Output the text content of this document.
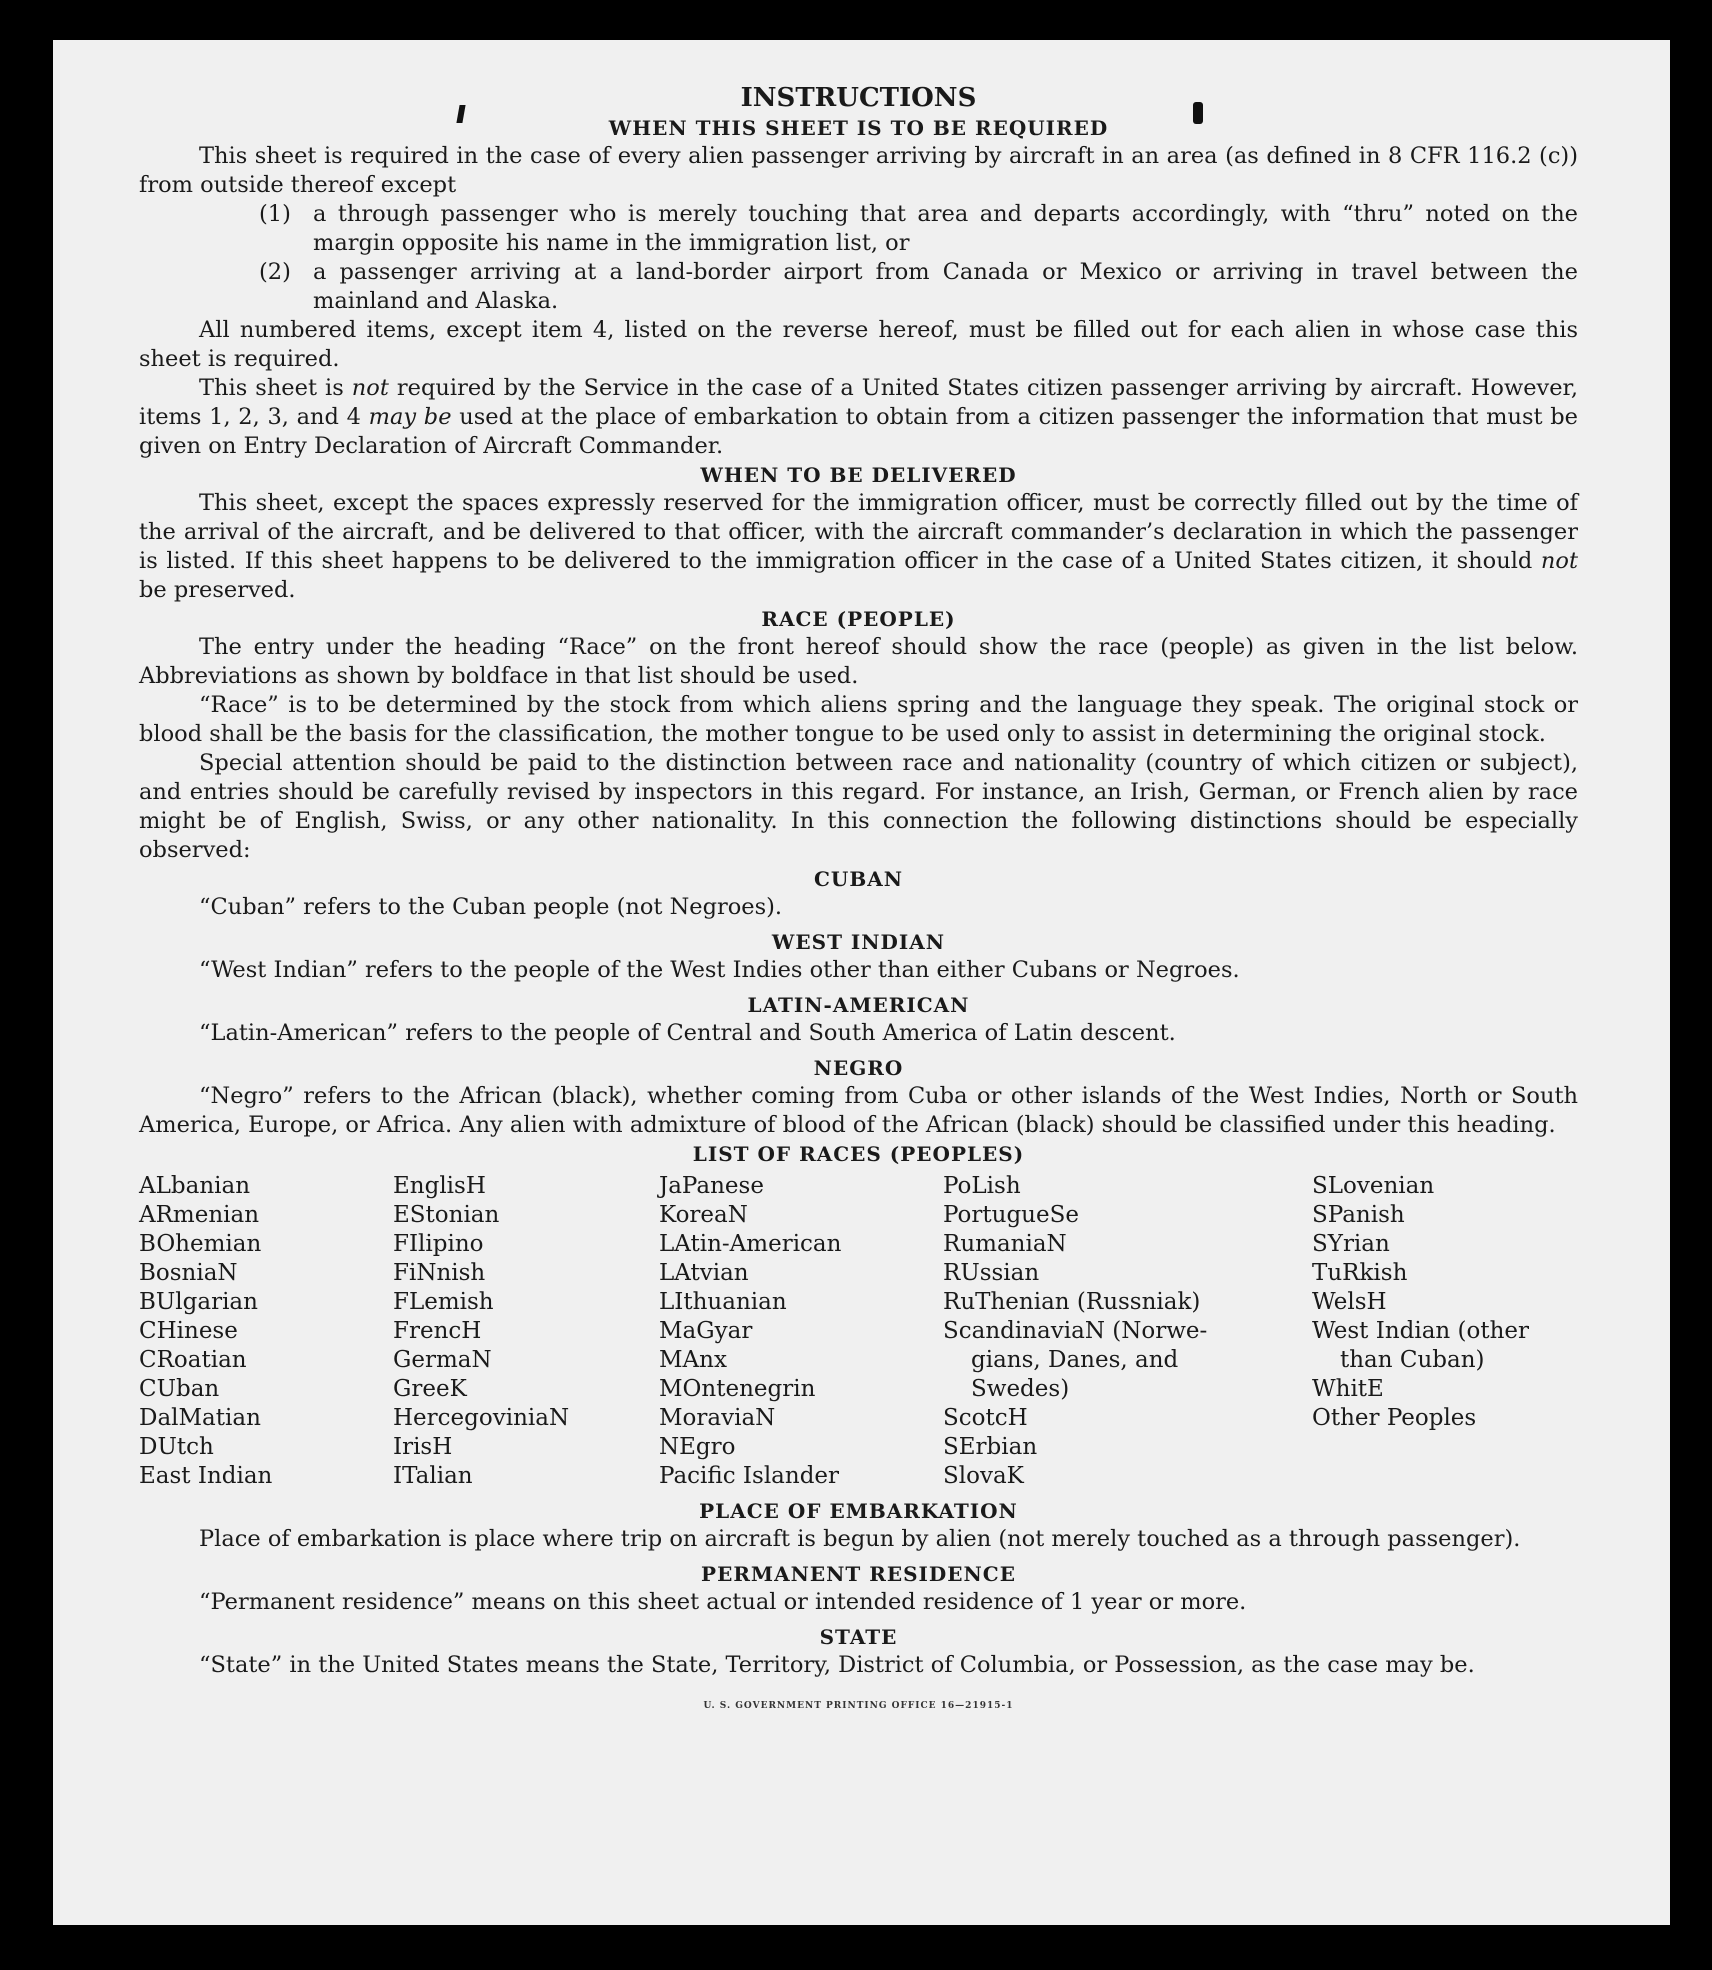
INSTRUCTIONS
WHEN THIS SHEET IS TO BE REQUIRED

This sheet is required in the case of every alien passenger arriving by aircraft in an area (as defined in 8 CFR 116.2 (c)) from outside thereof except

(1) a through passenger who is merely touching that area and departs accordingly, with “thru” noted on the margin opposite his name in the immigration list, or
(2) a passenger arriving at a land-border airport from Canada or Mexico or arriving in travel between the mainland and Alaska.

All numbered items, except item 4, listed on the reverse hereof, must be filled out for each alien in whose case this sheet is required.

This sheet is not required by the Service in the case of a United States citizen passenger arriving by aircraft. However, items 1, 2, 3, and 4 may be used at the place of embarkation to obtain from a citizen passenger the information that must be given on Entry Declaration of Aircraft Commander.

WHEN TO BE DELIVERED

This sheet, except the spaces expressly reserved for the immigration officer, must be correctly filled out by the time of the arrival of the aircraft, and be delivered to that officer, with the aircraft commander’s declaration in which the passenger is listed. If this sheet happens to be delivered to the immigration officer in the case of a United States citizen, it should not be preserved.

RACE (PEOPLE)

The entry under the heading “Race” on the front hereof should show the race (people) as given in the list below. Abbreviations as shown by boldface in that list should be used.

“Race” is to be determined by the stock from which aliens spring and the language they speak. The original stock or blood shall be the basis for the classification, the mother tongue to be used only to assist in determining the original stock.

Special attention should be paid to the distinction between race and nationality (country of which citizen or subject), and entries should be carefully revised by inspectors in this regard. For instance, an Irish, German, or French alien by race might be of English, Swiss, or any other nationality. In this connection the following distinctions should be especially observed:

CUBAN

“Cuban” refers to the Cuban people (not Negroes).

WEST INDIAN

“West Indian” refers to the people of the West Indies other than either Cubans or Negroes.

LATIN-AMERICAN

“Latin-American” refers to the people of Central and South America of Latin descent.

NEGRO

“Negro” refers to the African (black), whether coming from Cuba or other islands of the West Indies, North or South America, Europe, or Africa. Any alien with admixture of blood of the African (black) should be classified under this heading.

LIST OF RACES (PEOPLES)
ALbanian
ARmenian
BOhemian
BosniaN
BUlgarian
CHinese
CRoatian
CUban
DalMatian
DUtch
East Indian
EnglisH
EStonian
FIlipino
FiNnish
FLemish
FrencH
GermaN
GreeK
HercegoviniaN
IrisH
ITalian
JaPanese
KoreaN
LAtin-American
LAtvian
LIthuanian
MaGyar
MAnx
MOntenegrin
MoraviaN
NEgro
Pacific Islander
PoLish
PortugueSe
RumaniaN
RUssian
RuThenian (Russniak)
ScandinaviaN (Norwe-
gians, Danes, and
Swedes)
ScotcH
SErbian
SlovaK
SLovenian
SPanish
SYrian
TuRkish
WelsH
West Indian (other
than Cuban)
WhitE
Other Peoples
PLACE OF EMBARKATION

Place of embarkation is place where trip on aircraft is begun by alien (not merely touched as a through passenger).

PERMANENT RESIDENCE

“Permanent residence” means on this sheet actual or intended residence of 1 year or more.

STATE

“State” in the United States means the State, Territory, District of Columbia, or Possession, as the case may be.

U. S. GOVERNMENT PRINTING OFFICE 16—21915-1
